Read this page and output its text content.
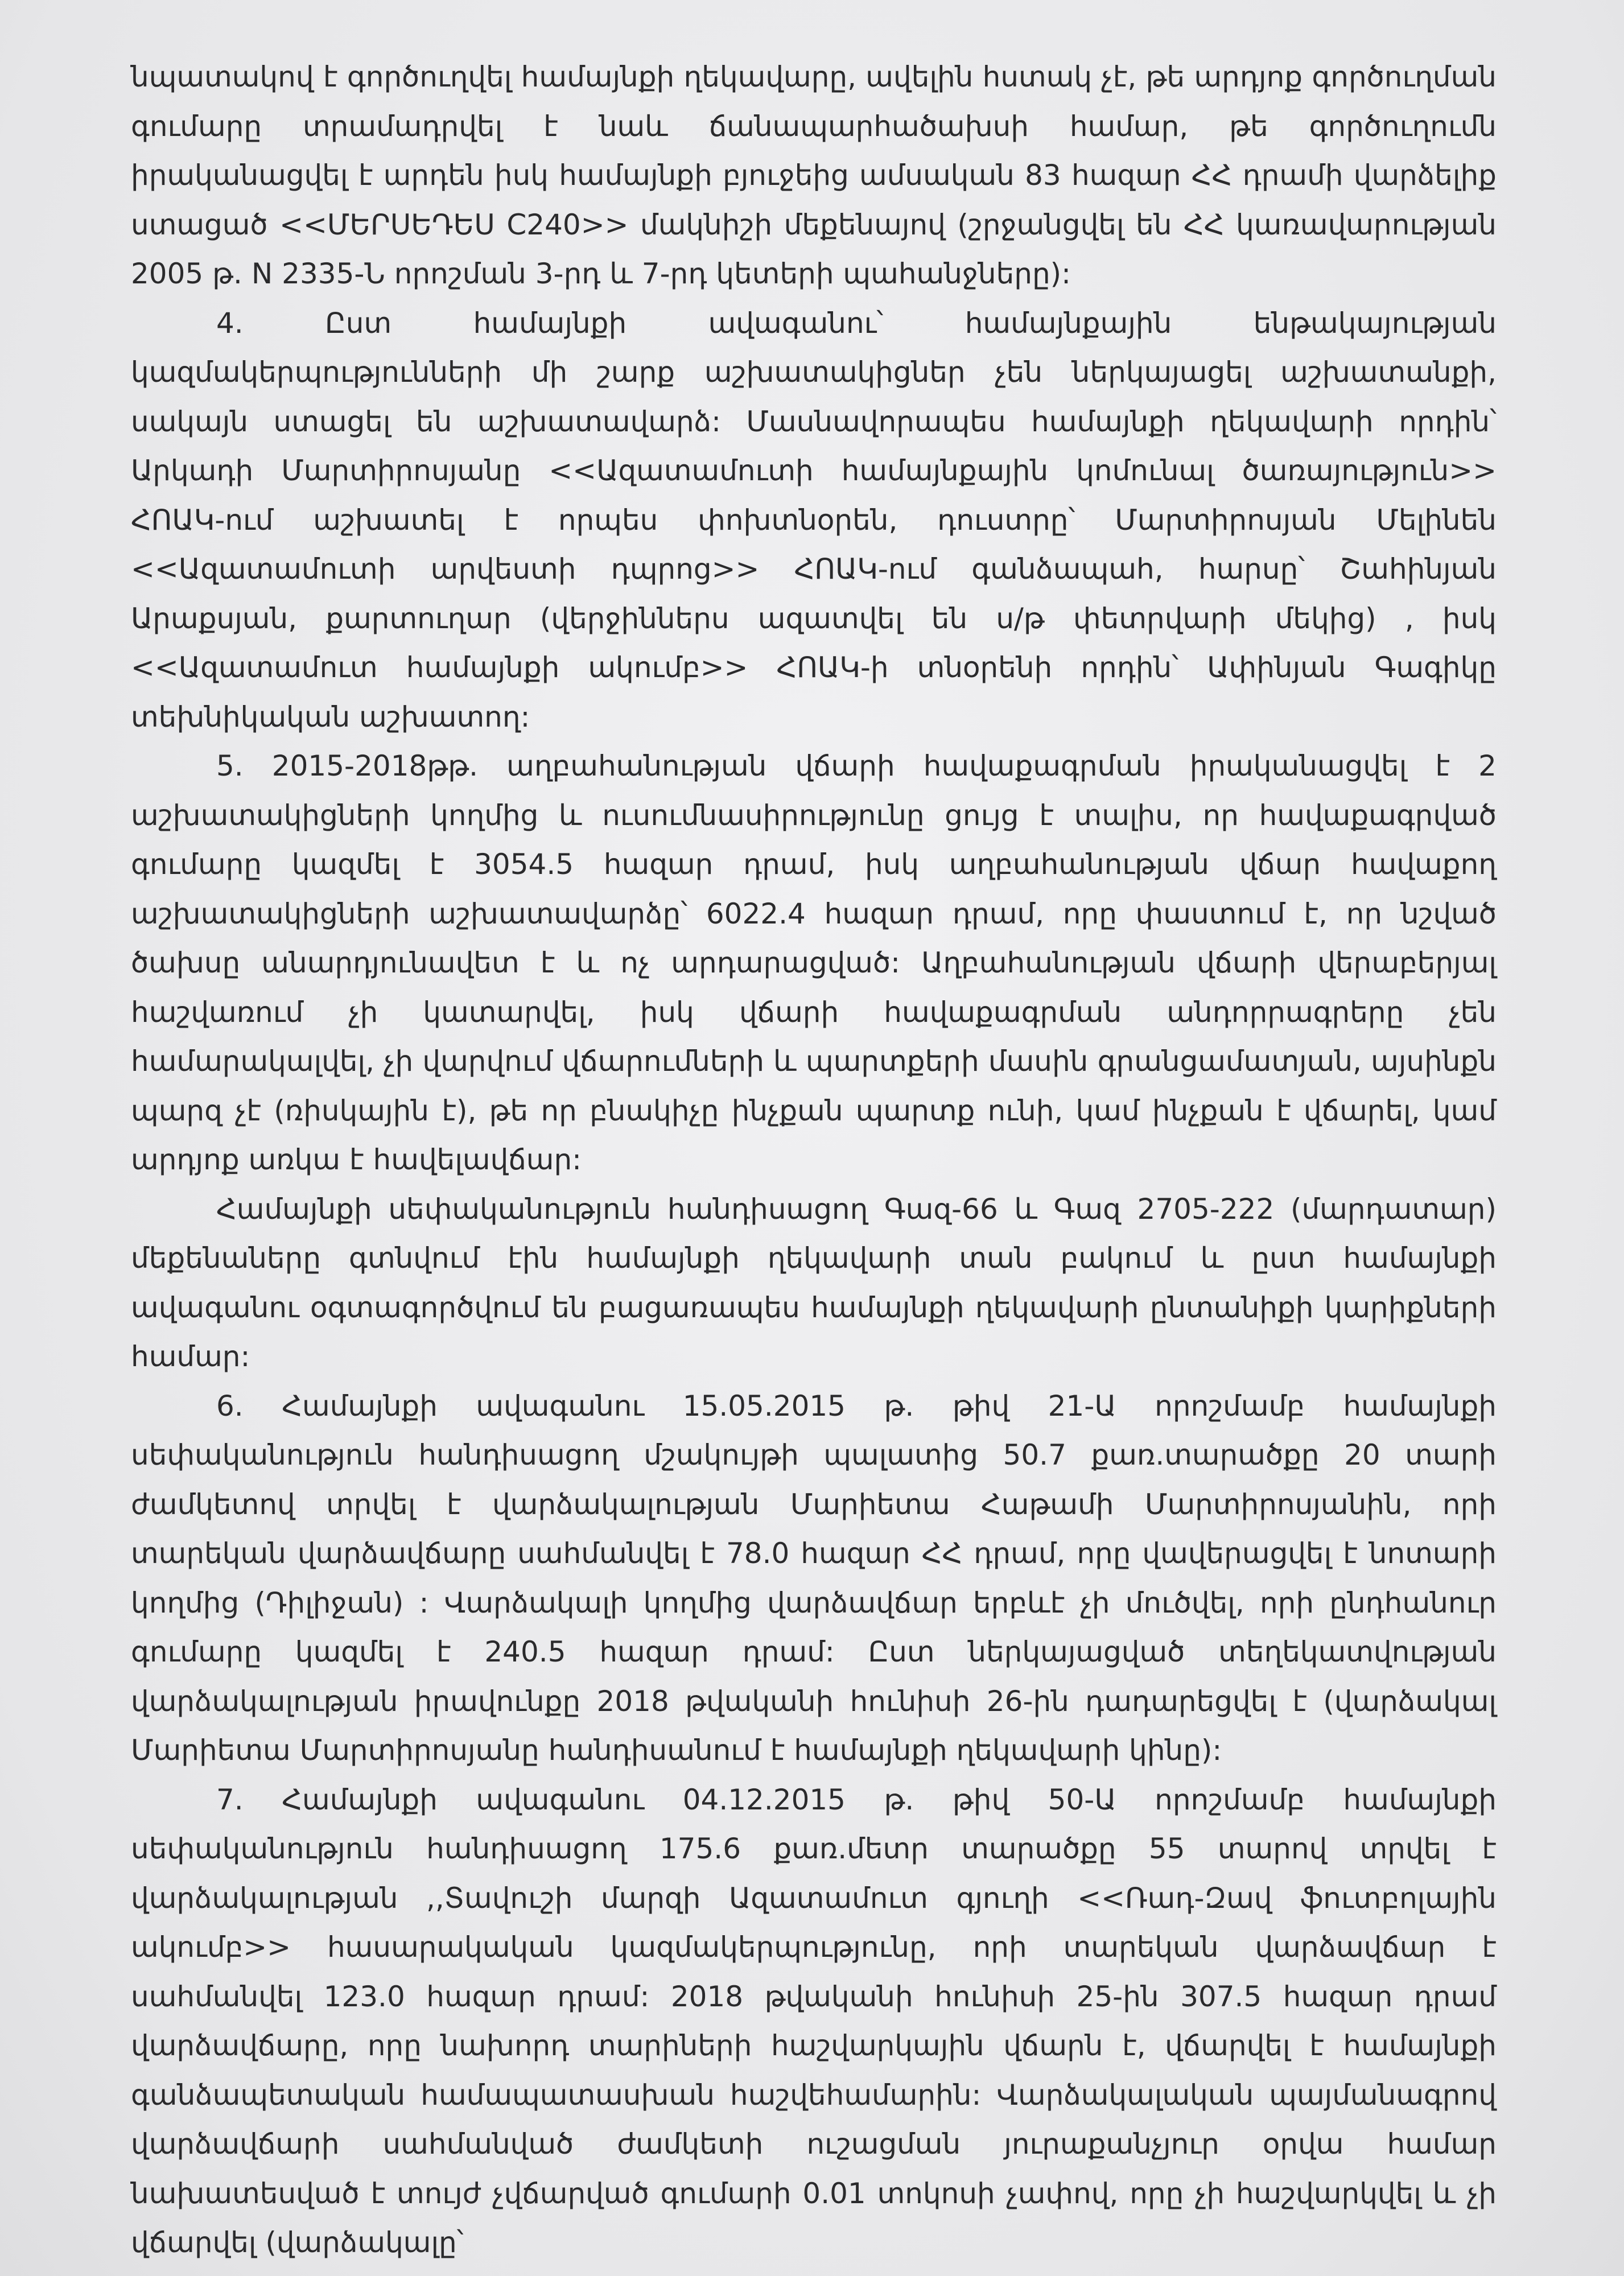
նպատակով է գործուղվել համայնքի ղեկավարը, ավելին հստակ չէ, թե արդյոք գործուղման գումարը տրամադրվել է նաև ճանապարհածախսի համար, թե գործուղումն իրականացվել է արդեն իսկ համայնքի բյուջեից ամսական 83 հազար ՀՀ դրամի վարձելիք ստացած <<ՄԵՐՍԵԴԵՍ C240>> մակնիշի մեքենայով (շրջանցվել են ՀՀ կառավարության 2005 թ. N 2335-Ն որոշման 3-րդ և 7-րդ կետերի պահանջները):

4. Ըստ համայնքի ավագանու՝ համայնքային ենթակայության կազմակերպությունների մի շարք աշխատակիցներ չեն ներկայացել աշխատանքի, սակայն ստացել են աշխատավարձ: Մասնավորապես համայնքի ղեկավարի որդին՝ Արկադի Մարտիրոսյանը <<Ազատամուտի համայնքային կոմունալ ծառայություն>> ՀՈԱԿ-ում աշխատել է որպես փոխտնօրեն, դուստրը՝ Մարտիրոսյան Մելինեն <<Ազատամուտի արվեստի դպրոց>> ՀՈԱԿ-ում գանձապահ, հարսը՝ Շահինյան Արաքսյան, քարտուղար (վերջիններս ազատվել են ս/թ փետրվարի մեկից) , իսկ <<Ազատամուտ համայնքի ակումբ>> ՀՈԱԿ-ի տնօրենի որդին՝ Ափինյան Գագիկը տեխնիկական աշխատող:

5. 2015-2018թթ. աղբահանության վճարի հավաքագրման իրականացվել է 2 աշխատակիցների կողմից և ուսումնասիրությունը ցույց է տալիս, որ հավաքագրված գումարը կազմել է 3054.5 հազար դրամ, իսկ աղբահանության վճար հավաքող աշխատակիցների աշխատավարձը՝ 6022.4 հազար դրամ, որը փաստում է, որ նշված ծախսը անարդյունավետ է և ոչ արդարացված: Աղբահանության վճարի վերաբերյալ հաշվառում չի կատարվել, իսկ վճարի հավաքագրման անդորրագրերը չեն համարակալվել, չի վարվում վճարումների և պարտքերի մասին գրանցամատյան, այսինքն պարզ չէ (ռիսկային է), թե որ բնակիչը ինչքան պարտք ունի, կամ ինչքան է վճարել, կամ արդյոք առկա է հավելավճար:

Համայնքի սեփականություն հանդիսացող Գազ-66 և Գազ 2705-222 (մարդատար) մեքենաները գտնվում էին համայնքի ղեկավարի տան բակում և ըստ համայնքի ավագանու օգտագործվում են բացառապես համայնքի ղեկավարի ընտանիքի կարիքների համար:

6. Համայնքի ավագանու 15.05.2015 թ. թիվ 21-Ա որոշմամբ համայնքի սեփականություն հանդիսացող մշակույթի պալատից 50.7 քառ.տարածքը 20 տարի ժամկետով տրվել է վարձակալության Մարիետա Հաթամի Մարտիրոսյանին, որի տարեկան վարձավճարը սահմանվել է 78.0 հազար ՀՀ դրամ, որը վավերացվել է նոտարի կողմից (Դիլիջան) : Վարձակալի կողմից վարձավճար երբևէ չի մուծվել, որի ընդհանուր գումարը կազմել է 240.5 հազար դրամ: Ըստ ներկայացված տեղեկատվության վարձակալության իրավունքը 2018 թվականի հունիսի 26-ին դադարեցվել է (վարձակալ Մարիետա Մարտիրոսյանը հանդիսանում է համայնքի ղեկավարի կինը):

7. Համայնքի ավագանու 04.12.2015 թ. թիվ 50-Ա որոշմամբ համայնքի սեփականություն հանդիսացող 175.6 քառ.մետր տարածքը 55 տարով տրվել է վարձակալության ,,Տավուշի մարզի Ազատամուտ գյուղի <<Ռադ-Զավ ֆուտբոլային ակումբ>> հասարակական կազմակերպությունը, որի տարեկան վարձավճար է սահմանվել 123.0 հազար դրամ: 2018 թվականի հունիսի 25-ին 307.5 հազար դրամ վարձավճարը, որը նախորդ տարիների հաշվարկային վճարն է, վճարվել է համայնքի գանձապետական համապատասխան հաշվեհամարին: Վարձակալական պայմանագրով վարձավճարի սահմանված ժամկետի ուշացման յուրաքանչյուր օրվա համար նախատեսված է տույժ չվճարված գումարի 0.01 տոկոսի չափով, որը չի հաշվարկվել և չի վճարվել (վարձակալը՝
